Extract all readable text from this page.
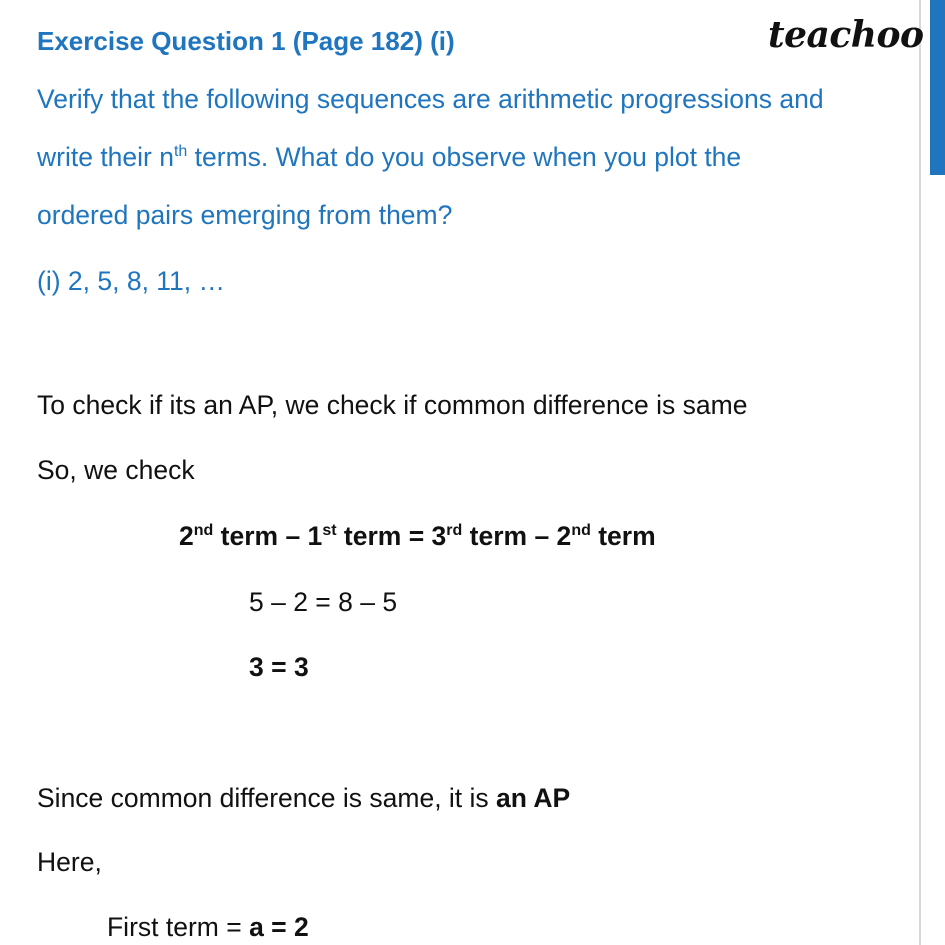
Exercise Question 1 (Page 182) (i)	teachoo
Verify that the following sequences are arithmetic progressions and
write their $n^{th}$ terms. What do you observe when you plot the
ordered pairs emerging from them?
(i) 2, 5, 8, 11, …
To check if its an AP, we check if common difference is same
So, we check
2nd term – 1st term = 3rd term – 2nd term
5 – 2 = 8 – 5
3 = 3
Since common difference is same, it is an AP
Here,
First term = a = 2
